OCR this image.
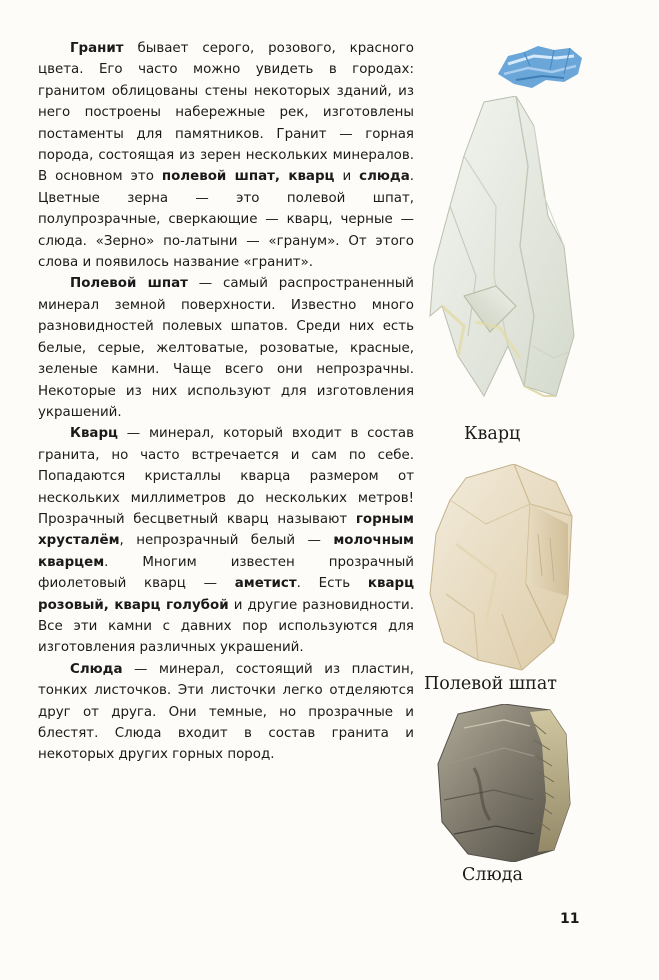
Гранит бывает серого, розового, красного цвета. Его часто можно увидеть в городах: гранитом облицованы стены некоторых зданий, из него построены набережные рек, изготовлены постаменты для памятников. Гранит — горная порода, состоящая из зерен нескольких минералов. В основном это полевой шпат, кварц и слюда. Цветные зерна — это полевой шпат, полупрозрачные, сверкающие — кварц, черные — слюда. «Зерно» по-латыни — «гранум». От этого слова и появилось название «гранит».

Полевой шпат — самый распространенный минерал земной поверхности. Известно много разновидностей полевых шпатов. Среди них есть белые, серые, желтоватые, розоватые, красные, зеленые камни. Чаще всего они непрозрачны. Некоторые из них используют для изготовления украшений.

Кварц — минерал, который входит в состав гранита, но часто встречается и сам по себе. Попадаются кристаллы кварца размером от нескольких миллиметров до нескольких метров! Прозрачный бесцветный кварц называют горным хрусталём, непрозрачный белый — молочным кварцем. Многим известен прозрачный фиолетовый кварц — аметист. Есть кварц розовый, кварц голубой и другие разновидности. Все эти камни с давних пор используются для изготовления различных украшений.

Слюда — минерал, состоящий из пластин, тонких листочков. Эти листочки легко отделяются друг от друга. Они темные, но прозрачные и блестят. Слюда входит в состав гранита и некоторых других горных пород.

Кварц
Полевой шпат
Слюда
11
